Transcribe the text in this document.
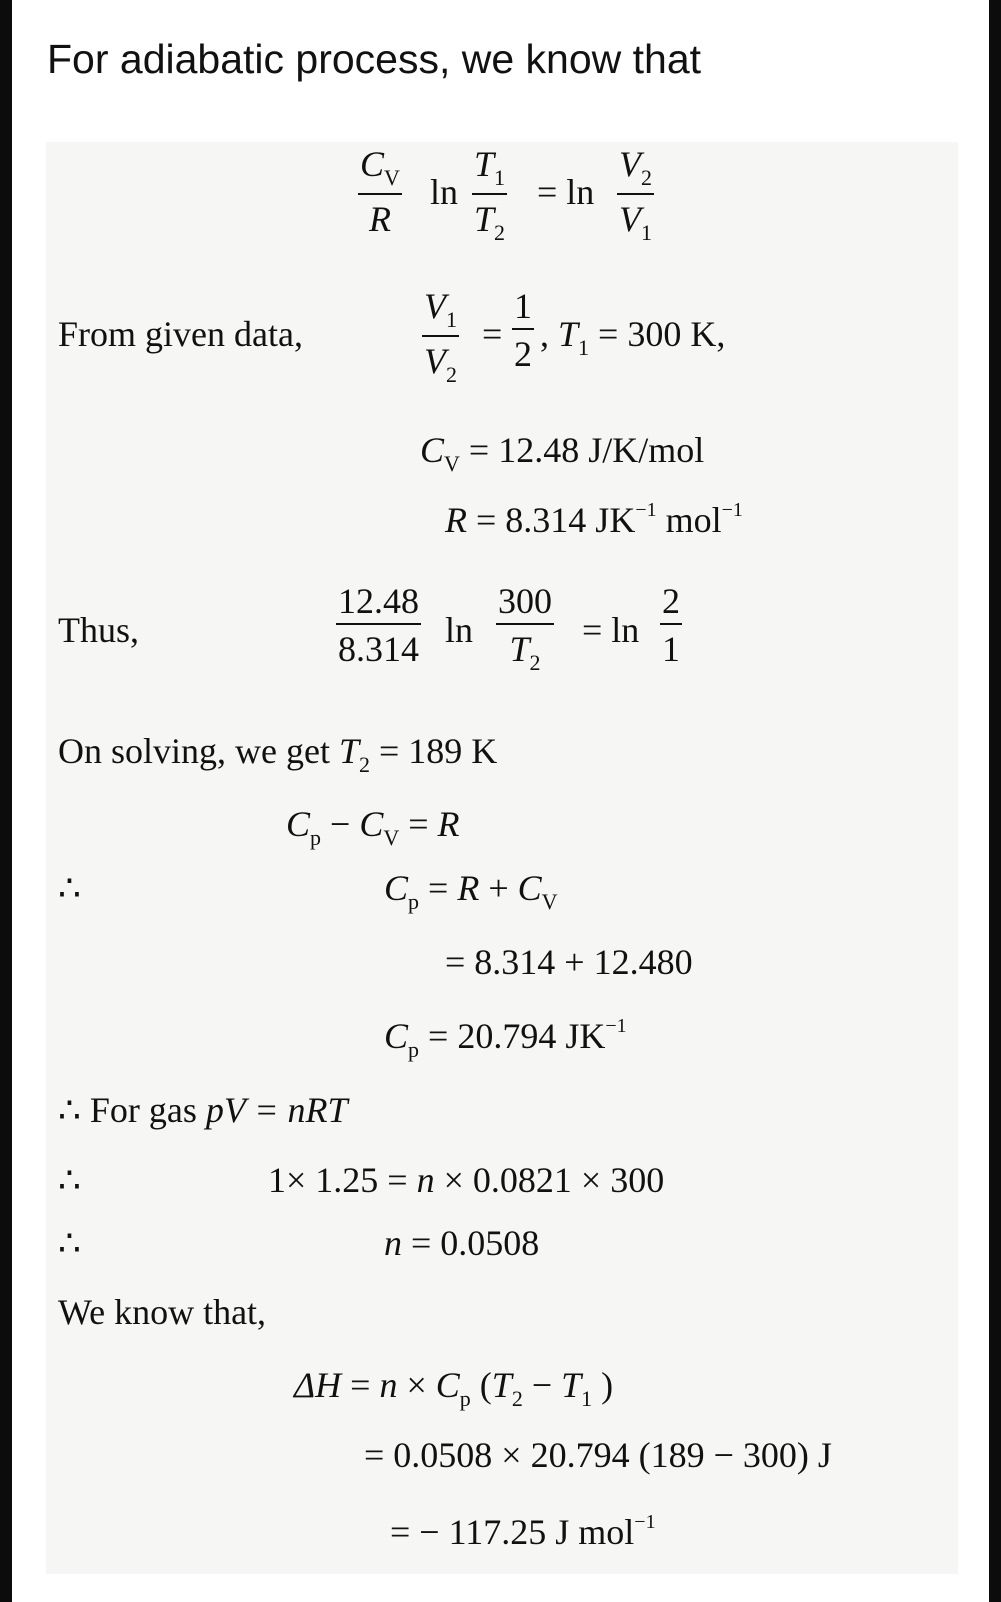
For adiabatic process, we know that
$\frac{C_V}{R}$ $\ln \frac{T_1}{T_2} = \ln \frac{V_2}{V_1}$
From given data,	$\frac{V_1}{V_2} = \frac{1}{2}$ , $T_1 = 300$ K,
$C_V = 12.48$ J/K/mol
R = 8.314 $JK^{-1}$ mol$^{-1}$
Thus,	$\frac{12.48}{8.314}$ $\ln \frac{300}{T_2} = \ln \frac{2}{1}$
On solving, we get $T_2 = 189$ K
$C_p - C_V = R$
∴	$C_p = R + C_V$
= 8.314 + 12.480
$C_p = 20.794$ $JK^{-1}$
∴ For gas pV = nRT
∴	1× 1.25 = n × 0.0821 × 300
∴	n = 0.0508
We know that,
$\Delta H = n \times C_p$ ($T_2 - T_1$ )
= 0.0508 × 20.794 (189 − 300) J
= − 117.25 J mol$^{-1}$
